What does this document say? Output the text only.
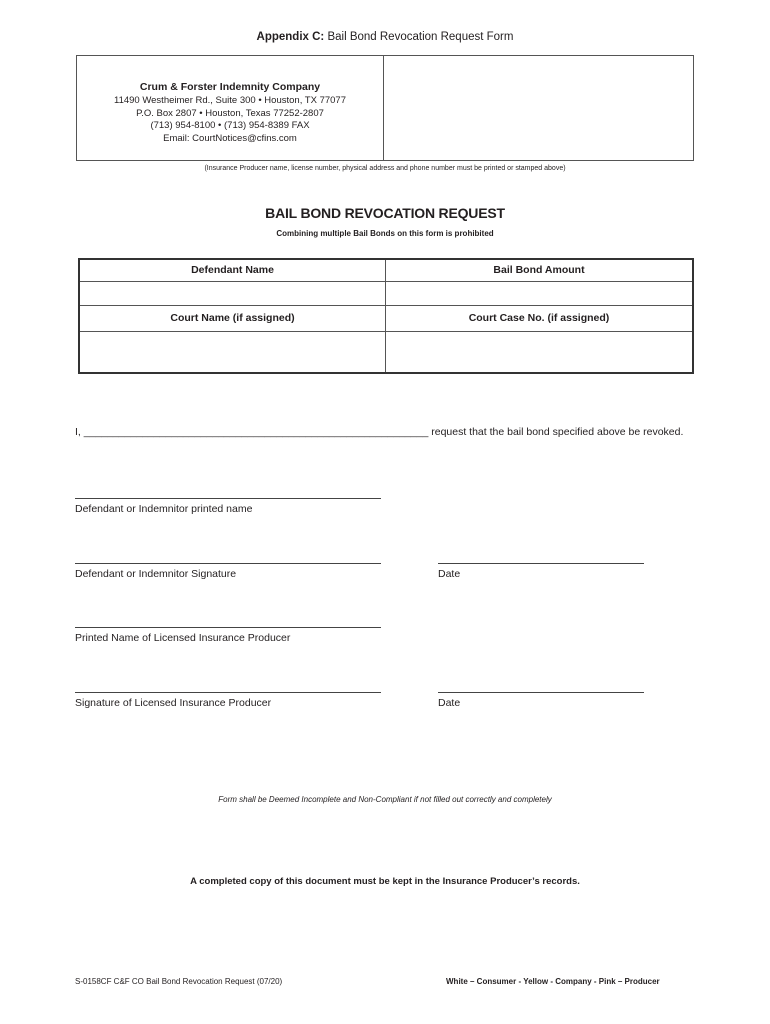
Appendix C: Bail Bond Revocation Request Form
Crum & Forster Indemnity Company
11490 Westheimer Rd., Suite 300 • Houston, TX 77077
P.O. Box 2807 • Houston, Texas 77252-2807
(713) 954-8100 • (713) 954-8389 FAX
Email: CourtNotices@cfins.com
(Insurance Producer name, license number, physical address and phone number must be printed or stamped above)
BAIL BOND REVOCATION REQUEST
Combining multiple Bail Bonds on this form is prohibited
Defendant Name	Bail Bond Amount

Court Name (if assigned)	Court Case No. (if assigned)

I, ___________________________________________________________ request that the bail bond specified above be revoked.
Defendant or Indemnitor printed name
Defendant or Indemnitor Signature	Date
Printed Name of Licensed Insurance Producer
Signature of Licensed Insurance Producer	Date
Form shall be Deemed Incomplete and Non-Compliant if not filled out correctly and completely
A completed copy of this document must be kept in the Insurance Producer’s records.
S-0158CF C&F CO Bail Bond Revocation Request (07/20)	White – Consumer - Yellow - Company - Pink – Producer
